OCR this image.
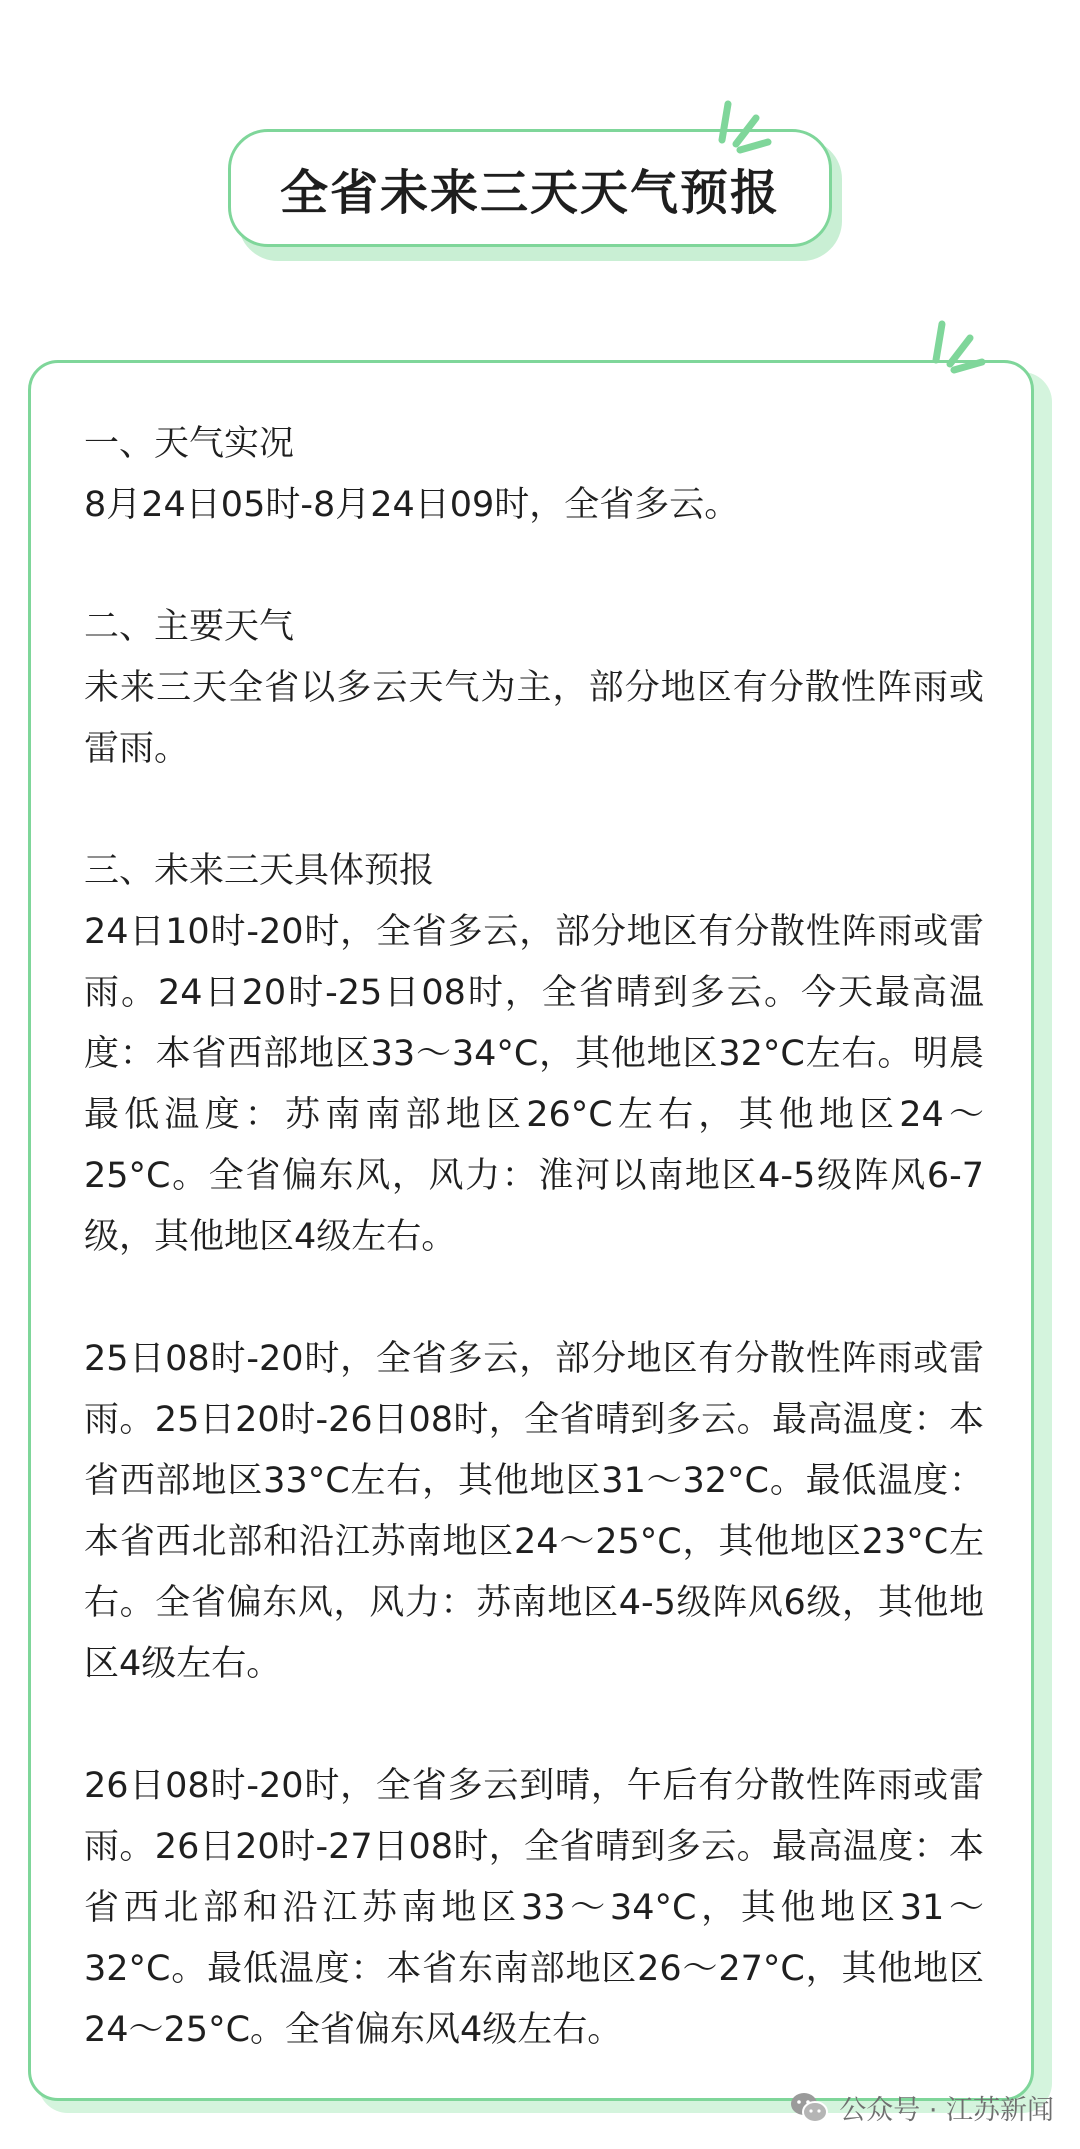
全省未来三天天气预报

一、天气实况

8月24日05时-8月24日09时，全省多云。

二、主要天气

未来三天全省以多云天气为主，部分地区有分散性阵雨或雷雨。

三、未来三天具体预报

24日10时-20时，全省多云，部分地区有分散性阵雨或雷雨。24日20时-25日08时，全省晴到多云。今天最高温度：本省西部地区33～34°C，其他地区32°C左右。明晨最低温度：苏南南部地区26°C左右，其他地区24～25°C。全省偏东风，风力：淮河以南地区4-5级阵风6-7级，其他地区4级左右。

25日08时-20时，全省多云，部分地区有分散性阵雨或雷雨。25日20时-26日08时，全省晴到多云。最高温度：本省西部地区33°C左右，其他地区31～32°C。最低温度：本省西北部和沿江苏南地区24～25°C，其他地区23°C左右。全省偏东风，风力：苏南地区4-5级阵风6级，其他地区4级左右。

26日08时-20时，全省多云到晴，午后有分散性阵雨或雷雨。26日20时-27日08时，全省晴到多云。最高温度：本省西北部和沿江苏南地区33～34°C，其他地区31～32°C。最低温度：本省东南部地区26～27°C，其他地区24～25°C。全省偏东风4级左右。

公众号 · 江苏新闻
